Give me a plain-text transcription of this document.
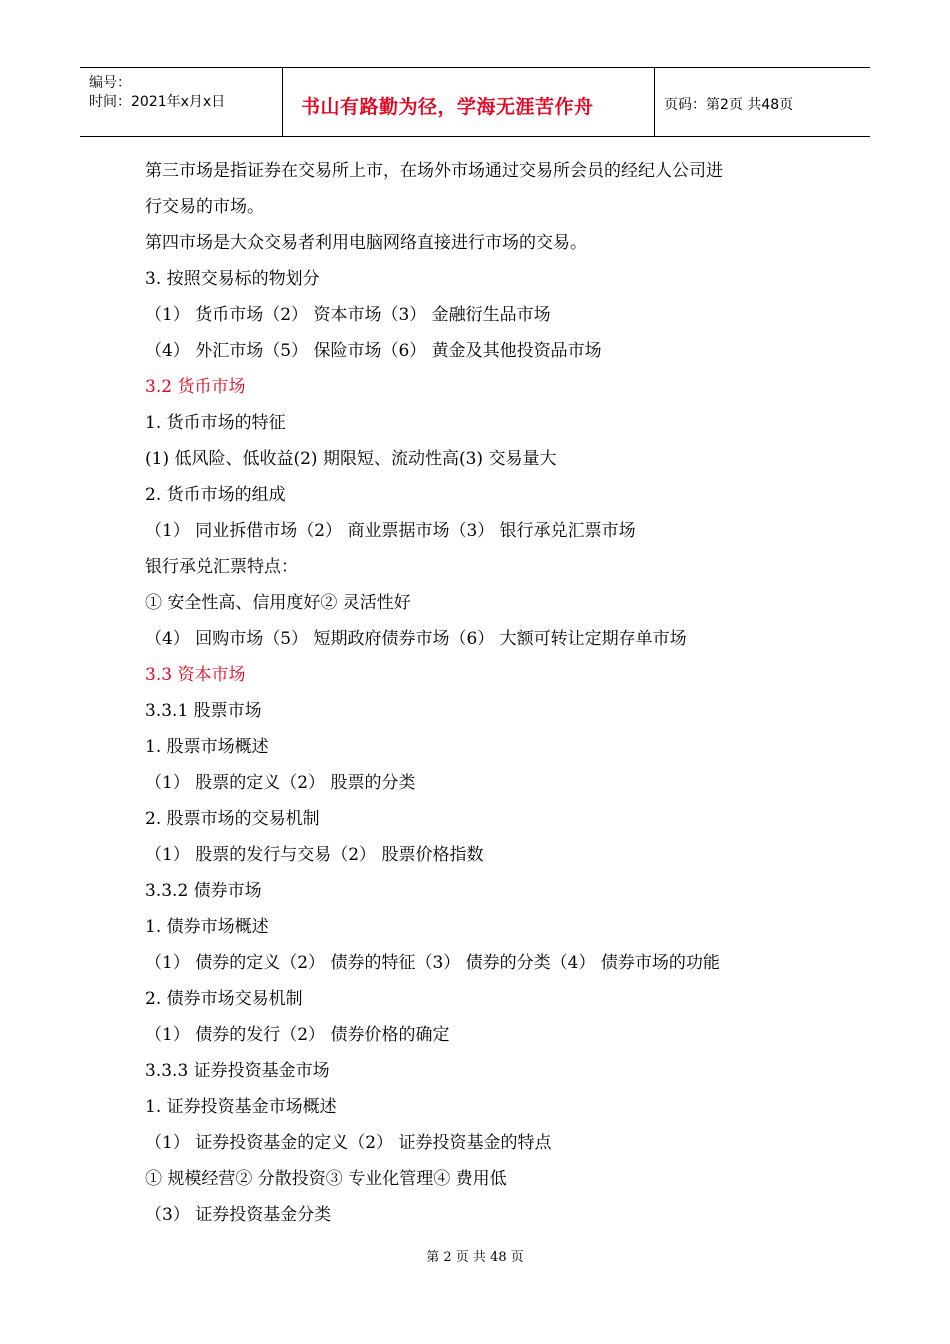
编号：
时间：2021年x月x日	书山有路勤为径，学海无涯苦作舟	页码：第2页 共48页
第三市场是指证券在交易所上市，在场外市场通过交易所会员的经纪人公司进
行交易的市场。
第四市场是大众交易者利用电脑网络直接进行市场的交易。
3. 按照交易标的物划分
（1） 货币市场（2） 资本市场（3） 金融衍生品市场
（4） 外汇市场（5） 保险市场（6） 黄金及其他投资品市场
3.2 货币市场
1. 货币市场的特征
(1) 低风险、低收益(2) 期限短、流动性高(3) 交易量大
2. 货币市场的组成
（1） 同业拆借市场（2） 商业票据市场（3） 银行承兑汇票市场
银行承兑汇票特点：
① 安全性高、信用度好② 灵活性好
（4） 回购市场（5） 短期政府债券市场（6） 大额可转让定期存单市场
3.3 资本市场
3.3.1 股票市场
1. 股票市场概述
（1） 股票的定义（2） 股票的分类
2. 股票市场的交易机制
（1） 股票的发行与交易（2） 股票价格指数
3.3.2 债券市场
1. 债券市场概述
（1） 债券的定义（2） 债券的特征（3） 债券的分类（4） 债券市场的功能
2. 债券市场交易机制
（1） 债券的发行（2） 债券价格的确定
3.3.3 证券投资基金市场
1. 证券投资基金市场概述
（1） 证券投资基金的定义（2） 证券投资基金的特点
① 规模经营② 分散投资③ 专业化管理④ 费用低
（3） 证券投资基金分类
第 2 页 共 48 页
